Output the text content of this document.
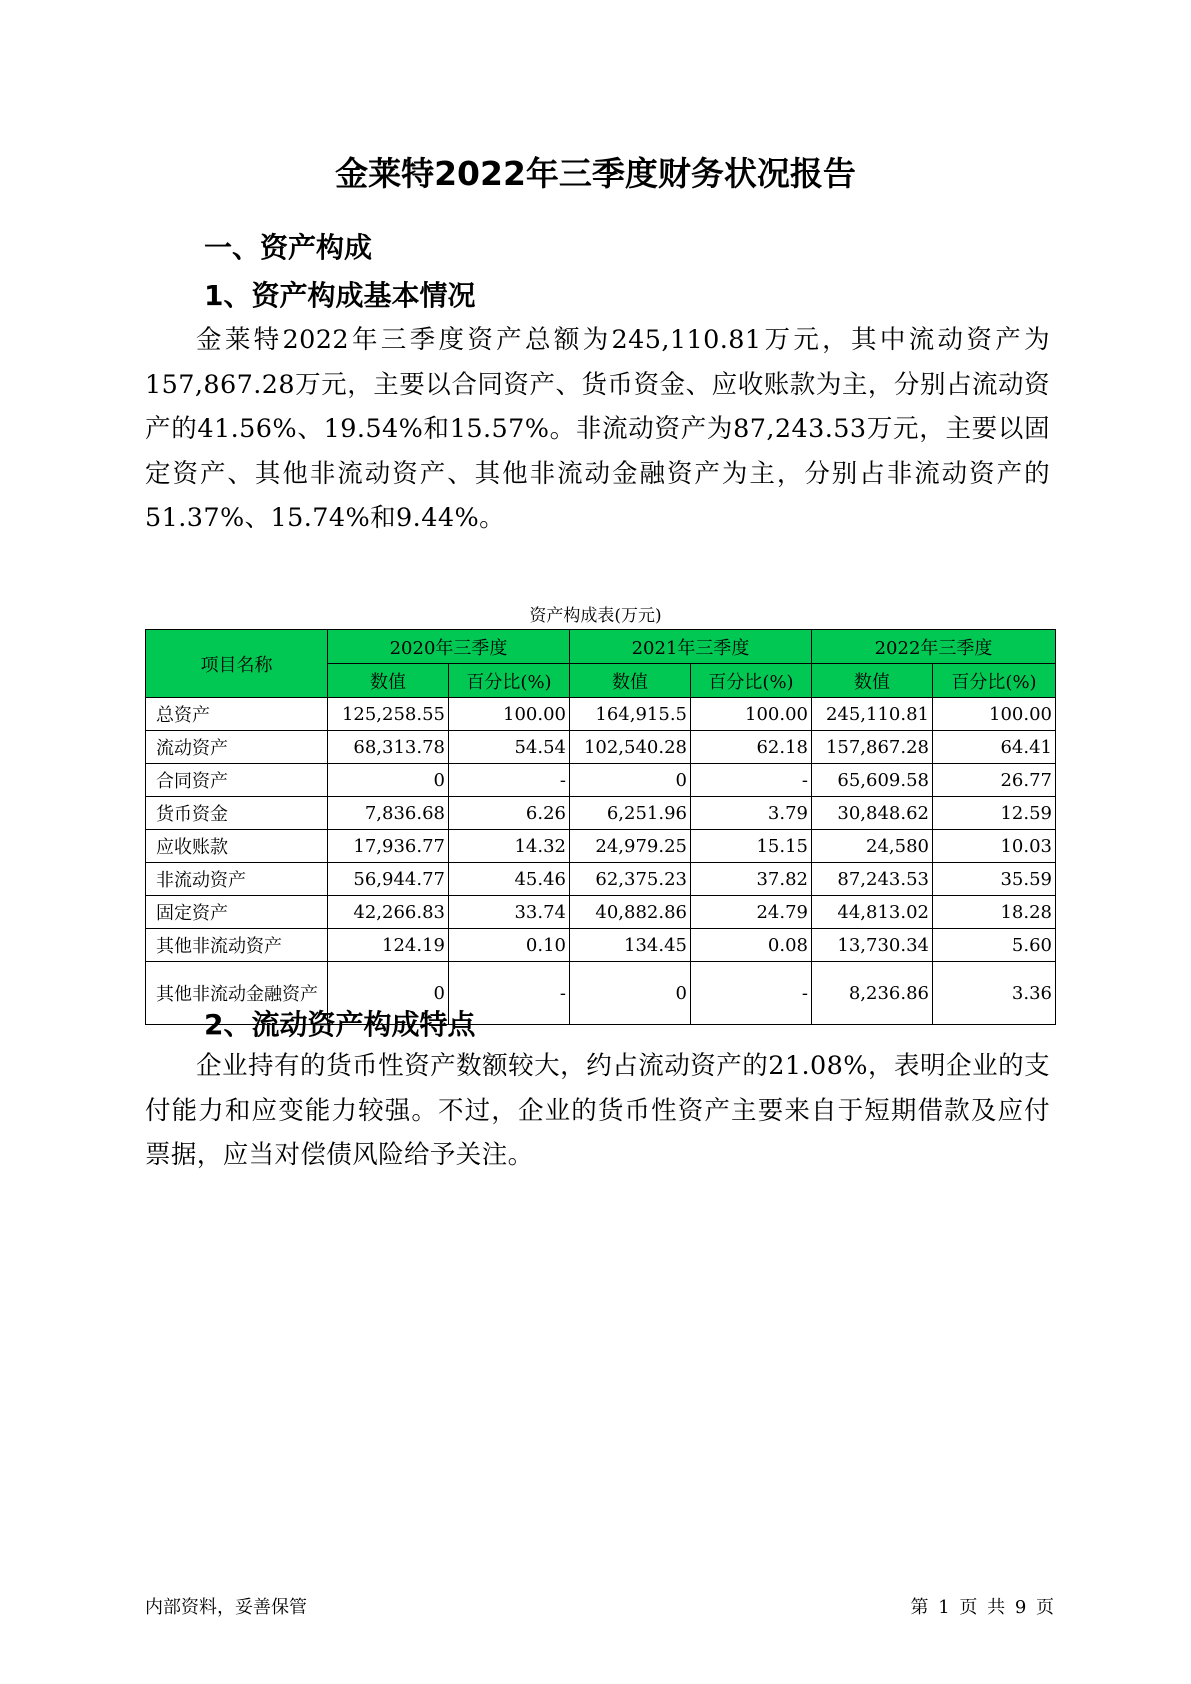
金莱特2022年三季度财务状况报告
一、资产构成
1、资产构成基本情况

金莱特2022年三季度资产总额为245,110.81万元，其中流动资产为157,867.28万元，主要以合同资产、货币资金、应收账款为主，分别占流动资产的41.56%、19.54%和15.57%。非流动资产为87,243.53万元，主要以固定资产、其他非流动资产、其他非流动金融资产为主，分别占非流动资产的51.37%、15.74%和9.44%。

资产构成表(万元)
项目名称	2020年三季度		2021年三季度		2022年三季度	
	数值	百分比(%)	数值	百分比(%)	数值	百分比(%)
总资产	125,258.55	100.00	164,915.5	100.00	245,110.81	100.00
流动资产	68,313.78	54.54	102,540.28	62.18	157,867.28	64.41
合同资产	0	-	0	-	65,609.58	26.77
货币资金	7,836.68	6.26	6,251.96	3.79	30,848.62	12.59
应收账款	17,936.77	14.32	24,979.25	15.15	24,580	10.03
非流动资产	56,944.77	45.46	62,375.23	37.82	87,243.53	35.59
固定资产	42,266.83	33.74	40,882.86	24.79	44,813.02	18.28
其他非流动资产	124.19	0.10	134.45	0.08	13,730.34	5.60
其他非流动金融资产	0	-	0	-	8,236.86	3.36
2、流动资产构成特点

企业持有的货币性资产数额较大，约占流动资产的21.08%，表明企业的支付能力和应变能力较强。不过，企业的货币性资产主要来自于短期借款及应付票据，应当对偿债风险给予关注。

内部资料，妥善保管	第 1 页 共 9 页
